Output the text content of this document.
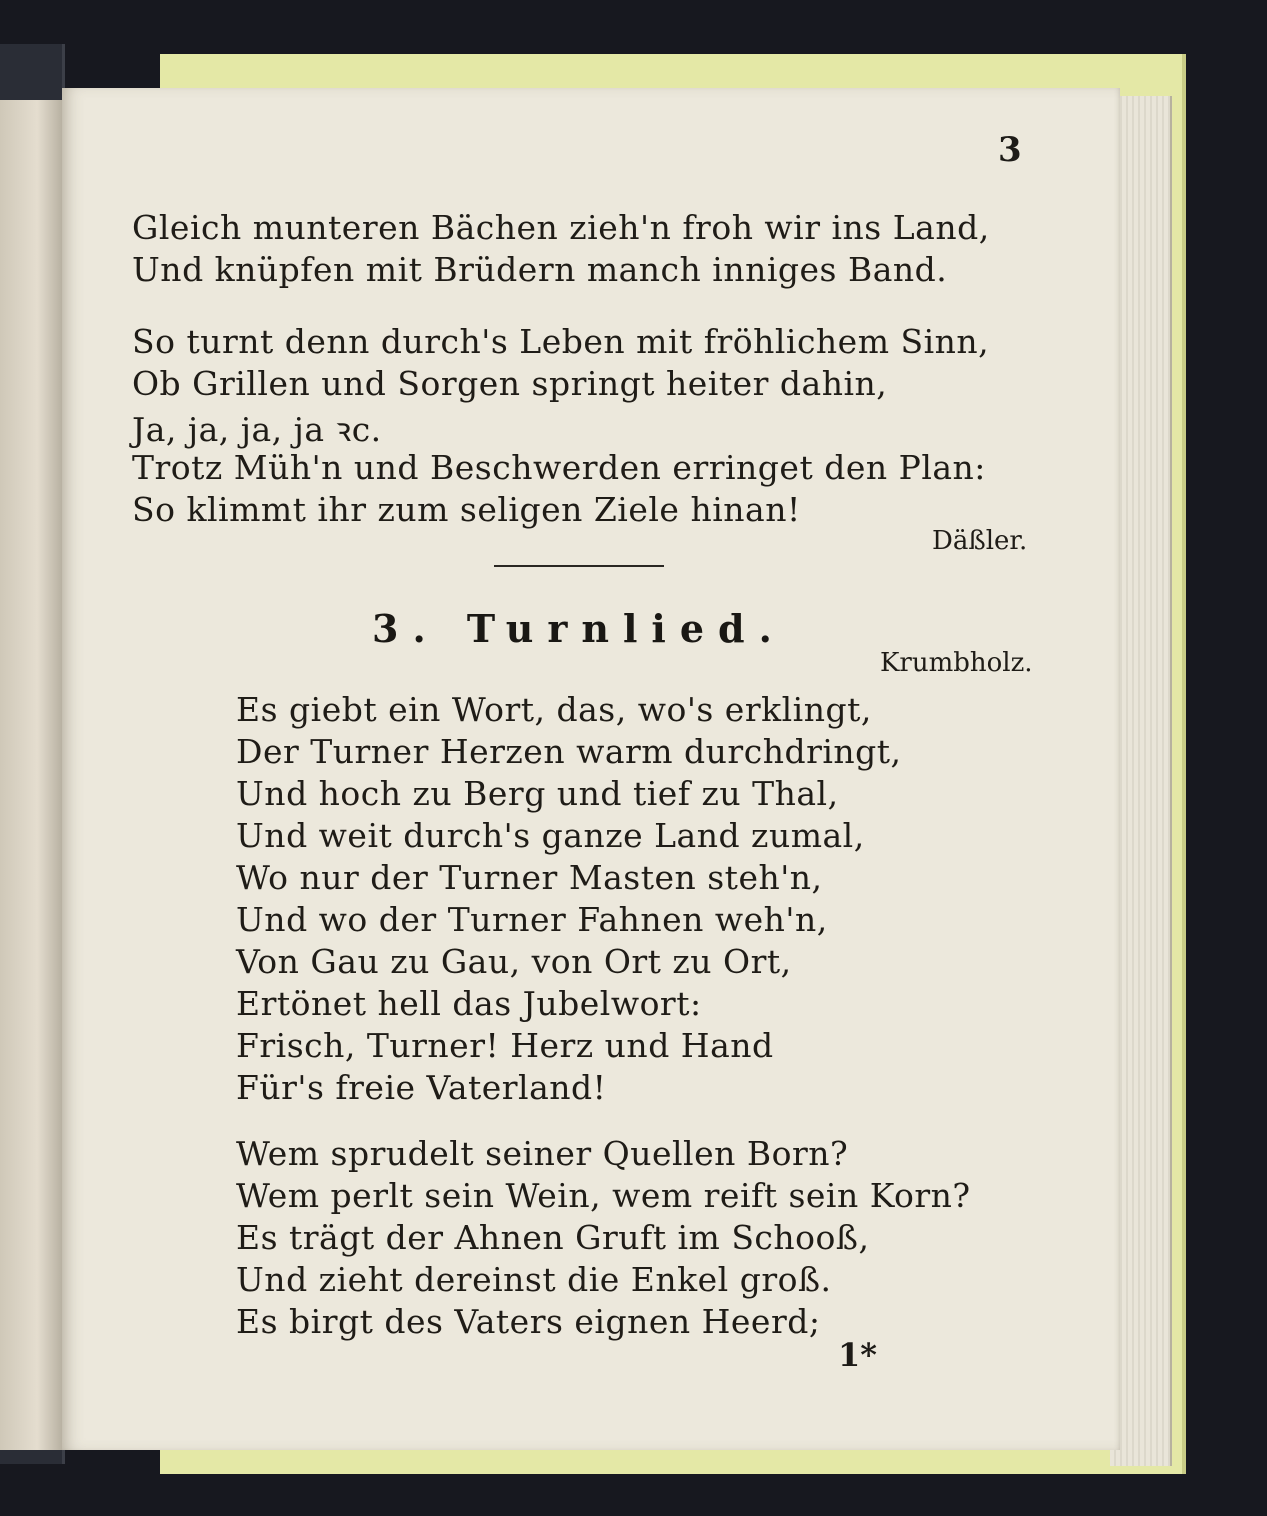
3
Gleich munteren Bächen zieh'n froh wir ins Land,
Und knüpfen mit Brüdern manch inniges Band.
So turnt denn durch's Leben mit fröhlichem Sinn,
Ob Grillen und Sorgen springt heiter dahin,
Ja, ja, ja, ja ꝛc.
Trotz Müh'n und Beschwerden erringet den Plan:
So klimmt ihr zum seligen Ziele hinan!
Däßler.
3. Turnlied.
Krumbholz.
Es giebt ein Wort, das, wo's erklingt,
Der Turner Herzen warm durchdringt,
Und hoch zu Berg und tief zu Thal,
Und weit durch's ganze Land zumal,
Wo nur der Turner Masten steh'n,
Und wo der Turner Fahnen weh'n,
Von Gau zu Gau, von Ort zu Ort,
Ertönet hell das Jubelwort:
Frisch, Turner! Herz und Hand
Für's freie Vaterland!
Wem sprudelt seiner Quellen Born?
Wem perlt sein Wein, wem reift sein Korn?
Es trägt der Ahnen Gruft im Schooß,
Und zieht dereinst die Enkel groß.
Es birgt des Vaters eignen Heerd;
1*
